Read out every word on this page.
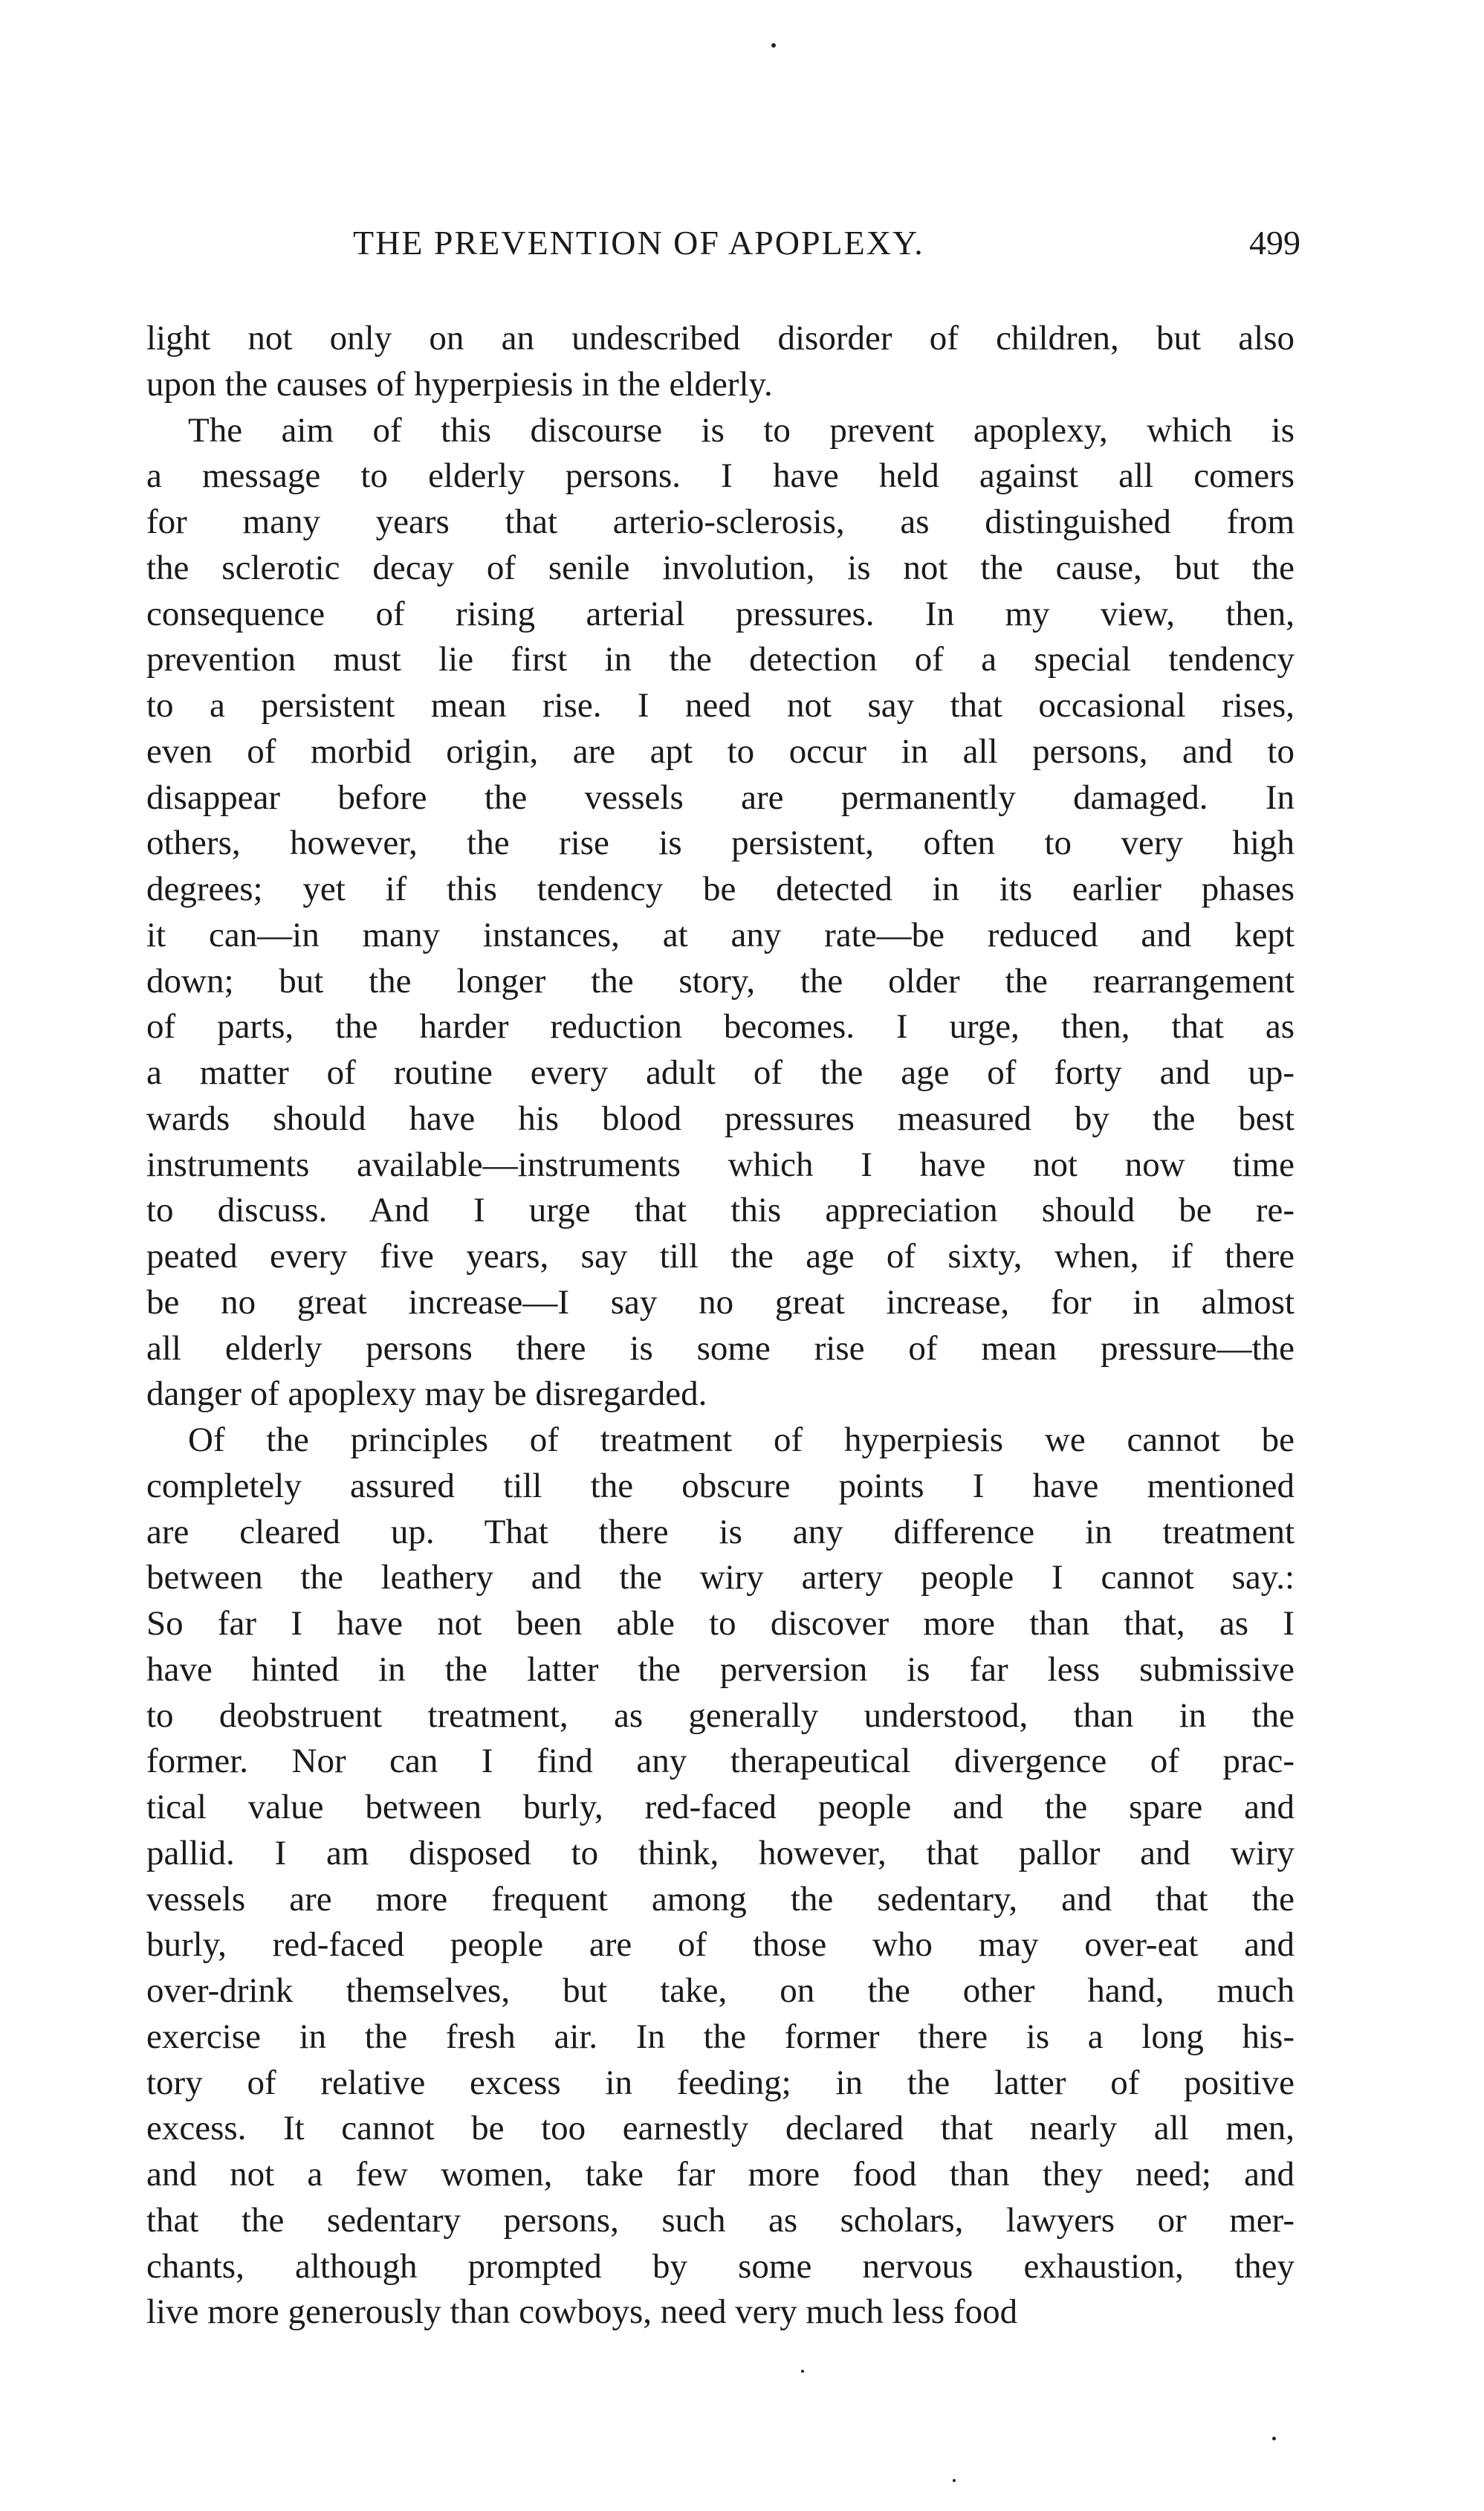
THE PREVENTION OF APOPLEXY.	499
light not only on an undescribed disorder of children, but also
upon the causes of hyperpiesis in the elderly.
The aim of this discourse is to prevent apoplexy, which is
a message to elderly persons. I have held against all comers
for many years that arterio-sclerosis, as distinguished from
the sclerotic decay of senile involution, is not the cause, but the
consequence of rising arterial pressures. In my view, then,
prevention must lie first in the detection of a special tendency
to a persistent mean rise. I need not say that occasional rises,
even of morbid origin, are apt to occur in all persons, and to
disappear before the vessels are permanently damaged. In
others, however, the rise is persistent, often to very high
degrees; yet if this tendency be detected in its earlier phases
it can—in many instances, at any rate—be reduced and kept
down; but the longer the story, the older the rearrangement
of parts, the harder reduction becomes. I urge, then, that as
a matter of routine every adult of the age of forty and up-
wards should have his blood pressures measured by the best
instruments available—instruments which I have not now time
to discuss. And I urge that this appreciation should be re-
peated every five years, say till the age of sixty, when, if there
be no great increase—I say no great increase, for in almost
all elderly persons there is some rise of mean pressure—the
danger of apoplexy may be disregarded.
Of the principles of treatment of hyperpiesis we cannot be
completely assured till the obscure points I have mentioned
are cleared up. That there is any difference in treatment
between the leathery and the wiry artery people I cannot say.:
So far I have not been able to discover more than that, as I
have hinted in the latter the perversion is far less submissive
to deobstruent treatment, as generally understood, than in the
former. Nor can I find any therapeutical divergence of prac-
tical value between burly, red-faced people and the spare and
pallid. I am disposed to think, however, that pallor and wiry
vessels are more frequent among the sedentary, and that the
burly, red-faced people are of those who may over-eat and
over-drink themselves, but take, on the other hand, much
exercise in the fresh air. In the former there is a long his-
tory of relative excess in feeding; in the latter of positive
excess. It cannot be too earnestly declared that nearly all men,
and not a few women, take far more food than they need; and
that the sedentary persons, such as scholars, lawyers or mer-
chants, although prompted by some nervous exhaustion, they
live more generously than cowboys, need very much less food
